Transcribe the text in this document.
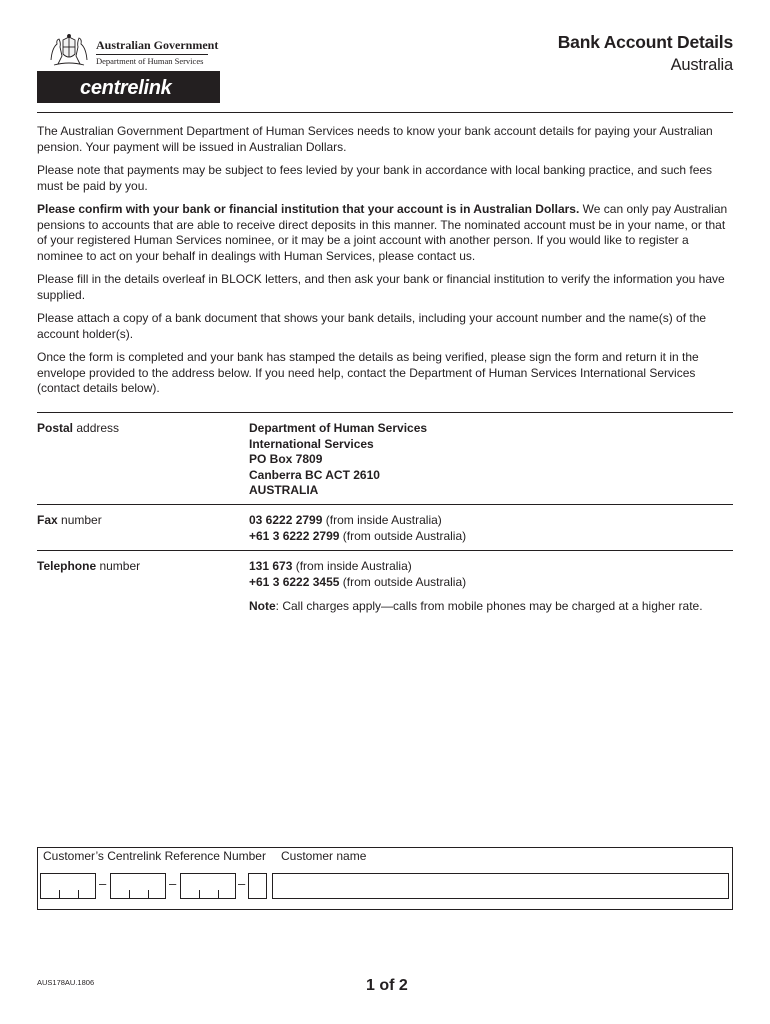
Australian Government
Department of Human Services
centrelink
Bank Account Details
Australia

The Australian Government Department of Human Services needs to know your bank account details for paying your Australian pension. Your payment will be issued in Australian Dollars.

Please note that payments may be subject to fees levied by your bank in accordance with local banking practice, and such fees must be paid by you.

Please confirm with your bank or financial institution that your account is in Australian Dollars. We can only pay Australian pensions to accounts that are able to receive direct deposits in this manner. The nominated account must be in your name, or that of your registered Human Services nominee, or it may be a joint account with another person. If you would like to register a nominee to act on your behalf in dealings with Human Services, please contact us.

Please fill in the details overleaf in BLOCK letters, and then ask your bank or financial institution to verify the information you have supplied.

Please attach a copy of a bank document that shows your bank details, including your account number and the name(s) of the account holder(s).

Once the form is completed and your bank has stamped the details as being verified, please sign the form and return it in the envelope provided to the address below. If you need help, contact the Department of Human Services International Services (contact details below).

Postal address	Department of Human Services
International Services
PO Box 7809
Canberra BC ACT 2610
AUSTRALIA
Fax number	03 6222 2799 (from inside Australia)
+61 3 6222 2799 (from outside Australia)
Telephone number	131 673 (from inside Australia)
+61 3 6222 3455 (from outside Australia)
Note: Call charges apply—calls from mobile phones may be charged at a higher rate.
Customer’s Centrelink Reference Number Customer name
–	–	–
AUS178AU.1806	1 of 2
